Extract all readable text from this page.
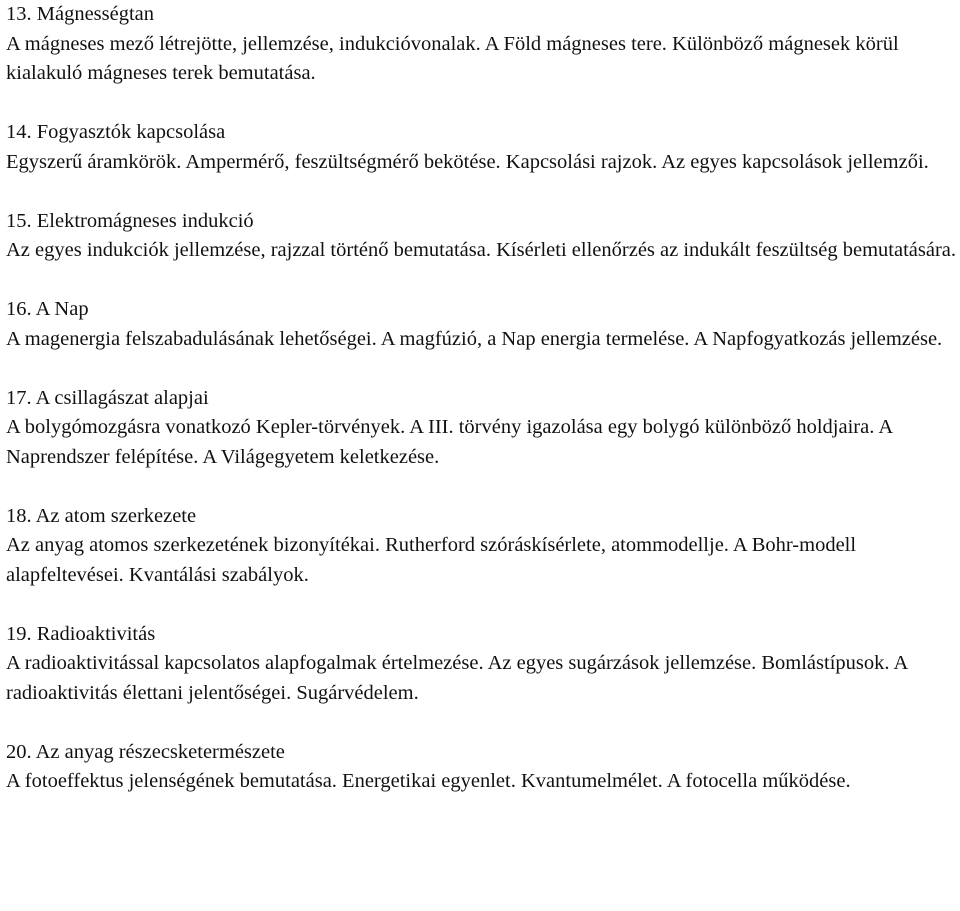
13. Mágnességtan
A mágneses mező létrejötte, jellemzése, indukcióvonalak. A Föld mágneses tere. Különböző mágnesek körül kialakuló mágneses terek bemutatása.
14. Fogyasztók kapcsolása
Egyszerű áramkörök. Ampermérő, feszültségmérő bekötése. Kapcsolási rajzok. Az egyes kapcsolások jellemzői.
15. Elektromágneses indukció
Az egyes indukciók jellemzése, rajzzal történő bemutatása. Kísérleti ellenőrzés az indukált feszültség bemutatására.
16. A Nap
A magenergia felszabadulásának lehetőségei. A magfúzió, a Nap energia termelése. A Napfogyatkozás jellemzése.
17. A csillagászat alapjai
A bolygómozgásra vonatkozó Kepler-törvények. A III. törvény igazolása egy bolygó különböző holdjaira. A Naprendszer felépítése. A Világegyetem keletkezése.
18. Az atom szerkezete
Az anyag atomos szerkezetének bizonyítékai. Rutherford szóráskísérlete, atommodellje. A Bohr-modell alapfeltevései. Kvantálási szabályok.
19. Radioaktivitás
A radioaktivitással kapcsolatos alapfogalmak értelmezése. Az egyes sugárzások jellemzése. Bomlástípusok. A radioaktivitás élettani jelentőségei. Sugárvédelem.
20. Az anyag részecsketermészete
A fotoeffektus jelenségének bemutatása. Energetikai egyenlet. Kvantumelmélet. A fotocella működése.
